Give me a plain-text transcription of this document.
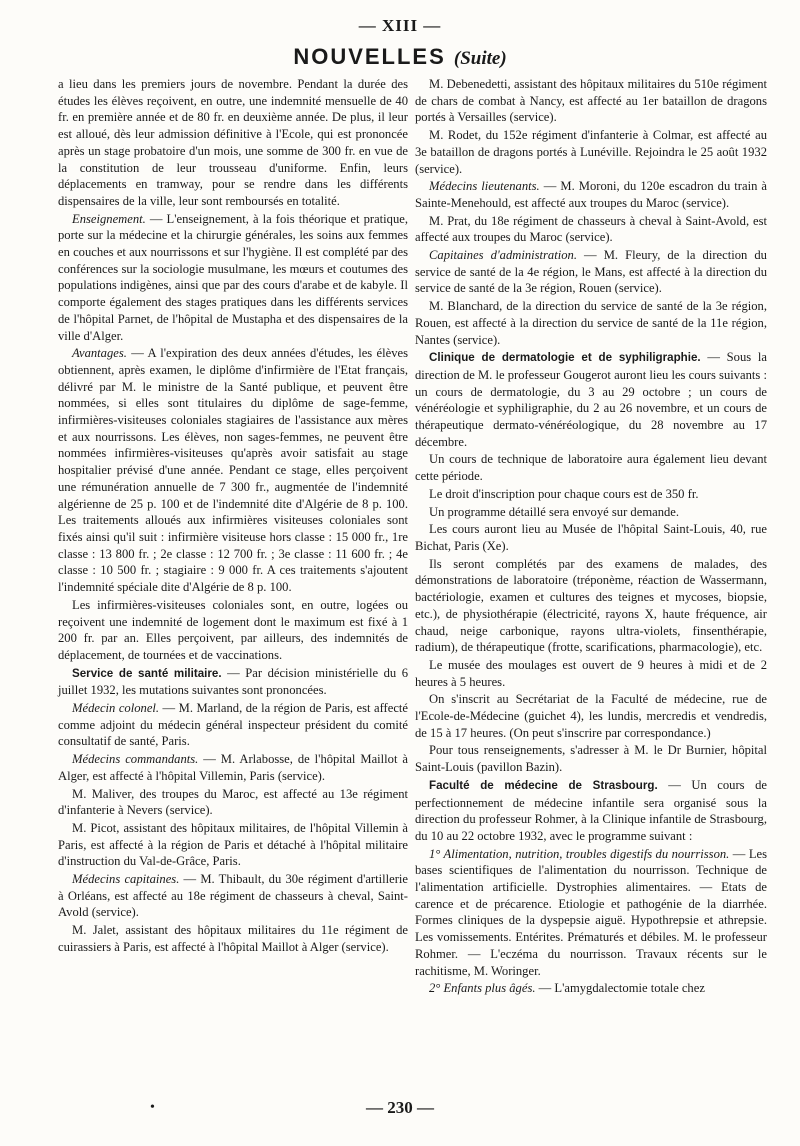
— XIII —
NOUVELLES (Suite)

a lieu dans les premiers jours de novembre. Pendant la durée des études les élèves reçoivent, en outre, une indemnité mensuelle de 40 fr. en première année et de 80 fr. en deuxième année. De plus, il leur est alloué, dès leur admission définitive à l'Ecole, qui est prononcée après un stage probatoire d'un mois, une somme de 300 fr. en vue de la constitution de leur trousseau d'uniforme. Enfin, leurs déplacements en tramway, pour se rendre dans les différents dispensaires de la ville, leur sont remboursés en totalité.

Enseignement. — L'enseignement, à la fois théorique et pratique, porte sur la médecine et la chirurgie générales, les soins aux femmes en couches et aux nourrissons et sur l'hygiène. Il est complété par des conférences sur la sociologie musulmane, les mœurs et coutumes des populations indigènes, ainsi que par des cours d'arabe et de kabyle. Il comporte également des stages pratiques dans les différents services de l'hôpital Parnet, de l'hôpital de Mustapha et des dispensaires de la ville d'Alger.

Avantages. — A l'expiration des deux années d'études, les élèves obtiennent, après examen, le diplôme d'infirmière de l'Etat français, délivré par M. le ministre de la Santé publique, et peuvent être nommées, si elles sont titulaires du diplôme de sage-femme, infirmières-visiteuses coloniales stagiaires de l'assistance aux mères et aux nourrissons. Les élèves, non sages-femmes, ne peuvent être nommées infirmières-visiteuses qu'après avoir satisfait au stage hospitalier prévisé d'une année. Pendant ce stage, elles perçoivent une rémunération annuelle de 7 300 fr., augmentée de l'indemnité algérienne de 25 p. 100 et de l'indemnité dite d'Algérie de 8 p. 100. Les traitements alloués aux infirmières visiteuses coloniales sont fixés ainsi qu'il suit : infirmière visiteuse hors classe : 15 000 fr., 1re classe : 13 800 fr. ; 2e classe : 12 700 fr. ; 3e classe : 11 600 fr. ; 4e classe : 10 500 fr. ; stagiaire : 9 000 fr. A ces traitements s'ajoutent l'indemnité spéciale dite d'Algérie de 8 p. 100.

Les infirmières-visiteuses coloniales sont, en outre, logées ou reçoivent une indemnité de logement dont le maximum est fixé à 1 200 fr. par an. Elles perçoivent, par ailleurs, des indemnités de déplacement, de tournées et de vaccinations.

Service de santé militaire. — Par décision ministérielle du 6 juillet 1932, les mutations suivantes sont prononcées.

Médecin colonel. — M. Marland, de la région de Paris, est affecté comme adjoint du médecin général inspecteur président du comité consultatif de santé, Paris.

Médecins commandants. — M. Arlabosse, de l'hôpital Maillot à Alger, est affecté à l'hôpital Villemin, Paris (service).

M. Maliver, des troupes du Maroc, est affecté au 13e régiment d'infanterie à Nevers (service).

M. Picot, assistant des hôpitaux militaires, de l'hôpital Villemin à Paris, est affecté à la région de Paris et détaché à l'hôpital militaire d'instruction du Val-de-Grâce, Paris.

Médecins capitaines. — M. Thibault, du 30e régiment d'artillerie à Orléans, est affecté au 18e régiment de chasseurs à cheval, Saint-Avold (service).

M. Jalet, assistant des hôpitaux militaires du 11e régiment de cuirassiers à Paris, est affecté à l'hôpital Maillot à Alger (service).

M. Debenedetti, assistant des hôpitaux militaires du 510e régiment de chars de combat à Nancy, est affecté au 1er bataillon de dragons portés à Versailles (service).

M. Rodet, du 152e régiment d'infanterie à Colmar, est affecté au 3e bataillon de dragons portés à Lunéville. Rejoindra le 25 août 1932 (service).

Médecins lieutenants. — M. Moroni, du 120e escadron du train à Sainte-Menehould, est affecté aux troupes du Maroc (service).

M. Prat, du 18e régiment de chasseurs à cheval à Saint-Avold, est affecté aux troupes du Maroc (service).

Capitaines d'administration. — M. Fleury, de la direction du service de santé de la 4e région, le Mans, est affecté à la direction du service de santé de la 3e région, Rouen (service).

M. Blanchard, de la direction du service de santé de la 3e région, Rouen, est affecté à la direction du service de santé de la 11e région, Nantes (service).

Clinique de dermatologie et de syphiligraphie. — Sous la direction de M. le professeur Gougerot auront lieu les cours suivants : un cours de dermatologie, du 3 au 29 octobre ; un cours de vénéréologie et syphiligraphie, du 2 au 26 novembre, et un cours de thérapeutique dermato-vénéréologique, du 28 novembre au 17 décembre.

Un cours de technique de laboratoire aura également lieu devant cette période.

Le droit d'inscription pour chaque cours est de 350 fr.

Un programme détaillé sera envoyé sur demande.

Les cours auront lieu au Musée de l'hôpital Saint-Louis, 40, rue Bichat, Paris (Xe).

Ils seront complétés par des examens de malades, des démonstrations de laboratoire (tréponème, réaction de Wassermann, bactériologie, examen et cultures des teignes et mycoses, biopsie, etc.), de physiothérapie (électricité, rayons X, haute fréquence, air chaud, neige carbonique, rayons ultra-violets, finsenthérapie, radium), de thérapeutique (frotte, scarifications, pharmacologie), etc.

Le musée des moulages est ouvert de 9 heures à midi et de 2 heures à 5 heures.

On s'inscrit au Secrétariat de la Faculté de médecine, rue de l'Ecole-de-Médecine (guichet 4), les lundis, mercredis et vendredis, de 15 à 17 heures. (On peut s'inscrire par correspondance.)

Pour tous renseignements, s'adresser à M. le Dr Burnier, hôpital Saint-Louis (pavillon Bazin).

Faculté de médecine de Strasbourg. — Un cours de perfectionnement de médecine infantile sera organisé sous la direction du professeur Rohmer, à la Clinique infantile de Strasbourg, du 10 au 22 octobre 1932, avec le programme suivant :

1° Alimentation, nutrition, troubles digestifs du nourrisson. — Les bases scientifiques de l'alimentation du nourrisson. Technique de l'alimentation artificielle. Dystrophies alimentaires. — Etats de carence et de précarence. Etiologie et pathogénie de la diarrhée. Formes cliniques de la dyspepsie aiguë. Hypothrepsie et athrepsie. Les vomissements. Entérites. Prématurés et débiles. M. le professeur Rohmer. — L'eczéma du nourrisson. Travaux récents sur le rachitisme, M. Woringer.

2° Enfants plus âgés. — L'amygdalectomie totale chez

•	— 230 —
